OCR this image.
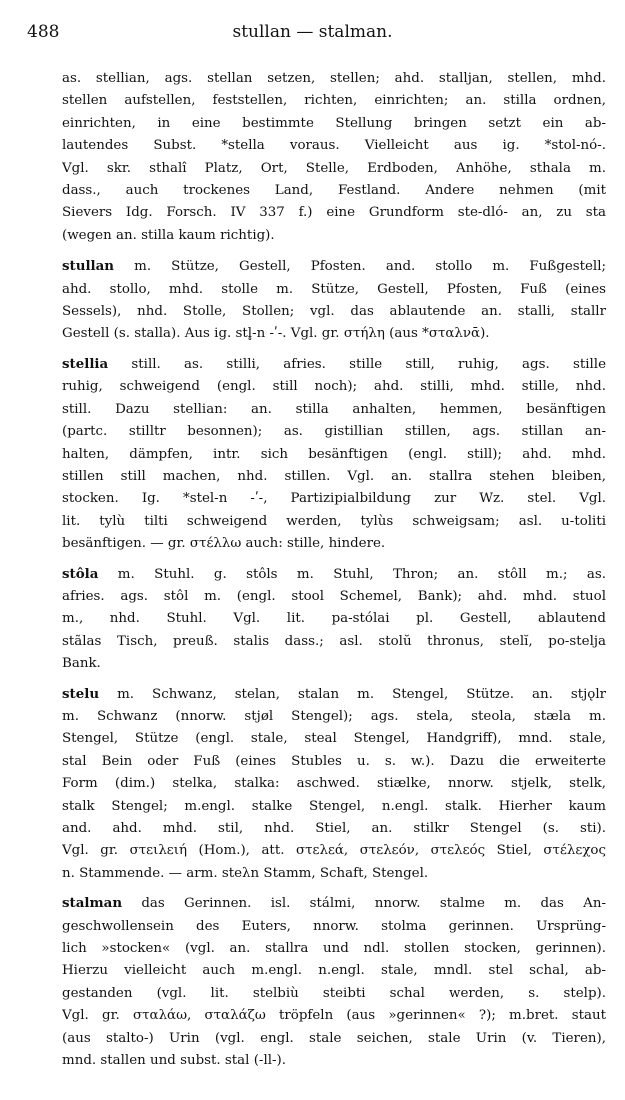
488	stullan — stalman.
as. stellian, ags. stellan setzen, stellen; ahd. stalljan, stellen, mhd.
stellen aufstellen, feststellen, richten, einrichten; an. stilla ordnen,
einrichten, in eine bestimmte Stellung bringen setzt ein ab-
lautendes Subst. *stella voraus. Vielleicht aus ig. *stol-nó-.
Vgl. skr. sthalî Platz, Ort, Stelle, Erdboden, Anhöhe, sthala m.
dass., auch trockenes Land, Festland. Andere nehmen (mit
Sievers Idg. Forsch. IV 337 f.) eine Grundform ste-dló- an, zu sta
(wegen an. stilla kaum richtig).
stullan m. Stütze, Gestell, Pfosten. and. stollo m. Fußgestell;
ahd. stollo, mhd. stolle m. Stütze, Gestell, Pfosten, Fuß (eines
Sessels), nhd. Stolle, Stollen; vgl. das ablautende an. stalli, stallr
Gestell (s. stalla). Aus ig. stl̥-n -ʹ-. Vgl. gr. στήλη (aus *σταλνᾱ).
stellia still. as. stilli, afries. stille still, ruhig, ags. stille
ruhig, schweigend (engl. still noch); ahd. stilli, mhd. stille, nhd.
still. Dazu stellian: an. stilla anhalten, hemmen, besänftigen
(partc. stilltr besonnen); as. gistillian stillen, ags. stillan an-
halten, dämpfen, intr. sich besänftigen (engl. still); ahd. mhd.
stillen still machen, nhd. stillen. Vgl. an. stallra stehen bleiben,
stocken. Ig. *stel-n -ʹ-, Partizipialbildung zur Wz. stel. Vgl.
lit. tylù tilti schweigend werden, tylùs schweigsam; asl. u-toliti
besänftigen. — gr. στέλλω auch: stille, hindere.
stôla m. Stuhl. g. stôls m. Stuhl, Thron; an. stôll m.; as.
afries. ags. stôl m. (engl. stool Schemel, Bank); ahd. mhd. stuol
m., nhd. Stuhl. Vgl. lit. pa-stólai pl. Gestell, ablautend
stãlas Tisch, preuß. stalis dass.; asl. stolŭ thronus, stelĭ, po-stelja
Bank.
stelu m. Schwanz, stelan, stalan m. Stengel, Stütze. an. stjǫlr
m. Schwanz (nnorw. stjøl Stengel); ags. stela, steola, stæla m.
Stengel, Stütze (engl. stale, steal Stengel, Handgriff), mnd. stale,
stal Bein oder Fuß (eines Stubles u. s. w.). Dazu die erweiterte
Form (dim.) stelka, stalka: aschwed. stiælke, nnorw. stjelk, stelk,
stalk Stengel; m.engl. stalke Stengel, n.engl. stalk. Hierher kaum
and. ahd. mhd. stil, nhd. Stiel, an. stilkr Stengel (s. sti).
Vgl. gr. στειλειή (Hom.), att. στελεά, στελεόν, στελεός Stiel, στέλεχος
n. Stammende. — arm. steλn Stamm, Schaft, Stengel.
stalman das Gerinnen. isl. stálmi, nnorw. stalme m. das An-
geschwollensein des Euters, nnorw. stolma gerinnen. Ursprüng-
lich »stocken« (vgl. an. stallra und ndl. stollen stocken, gerinnen).
Hierzu vielleicht auch m.engl. n.engl. stale, mndl. stel schal, ab-
gestanden (vgl. lit. stelbiù steibti schal werden, s. stelp).
Vgl. gr. σταλάω, σταλάζω tröpfeln (aus »gerinnen« ?); m.bret. staut
(aus stalto-) Urin (vgl. engl. stale seichen, stale Urin (v. Tieren),
mnd. stallen und subst. stal (-ll-).
